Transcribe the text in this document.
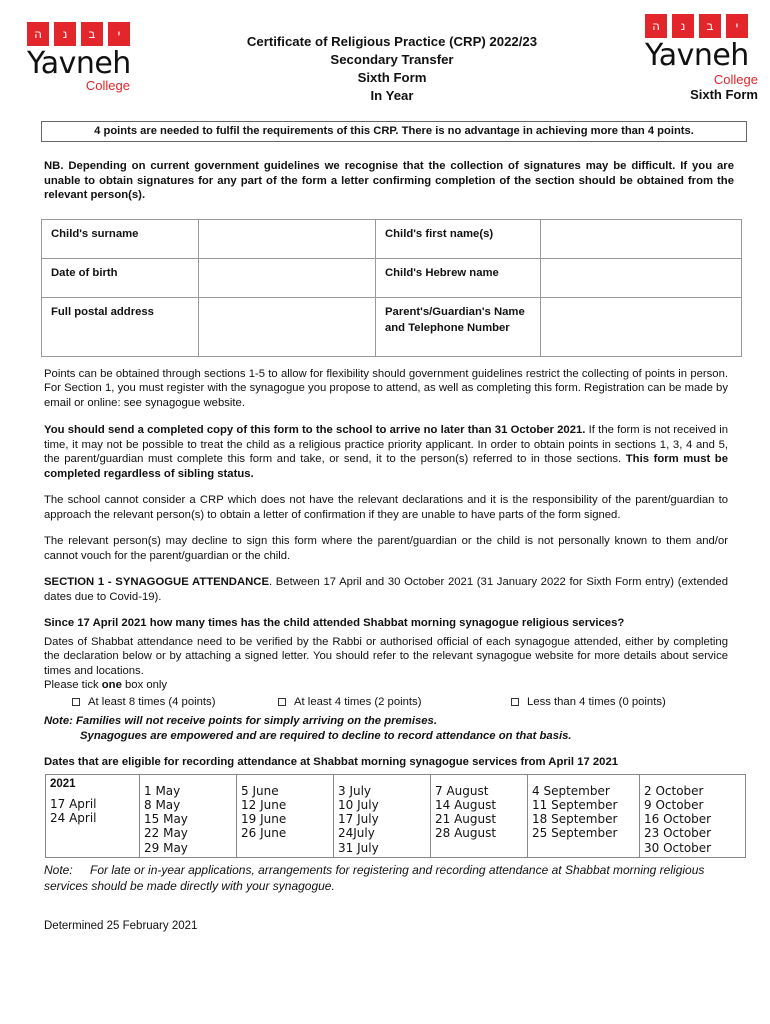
ה נ ב י
Yavneh
College
Certificate of Religious Practice (CRP) 2022/23
Secondary Transfer
Sixth Form
In Year
ה נ ב י
Yavneh
College
Sixth Form
4 points are needed to fulfil the requirements of this CRP. There is no advantage in achieving more than 4 points.
NB. Depending on current government guidelines we recognise that the collection of signatures may be difficult. If you are unable to obtain signatures for any part of the form a letter confirming completion of the section should be obtained from the relevant person(s).
Child's surname		Child's first name(s)	
Date of birth		Child's Hebrew name	
Full postal address		Parent's/Guardian's Name
and Telephone Number	

Points can be obtained through sections 1-5 to allow for flexibility should government guidelines restrict the collecting of points in person. For Section 1, you must register with the synagogue you propose to attend, as well as completing this form. Registration can be made by email or online: see synagogue website.
You should send a completed copy of this form to the school to arrive no later than 31 October 2021. If the form is not received in time, it may not be possible to treat the child as a religious practice priority applicant. In order to obtain points in sections 1, 3, 4 and 5, the parent/guardian must complete this form and take, or send, it to the person(s) referred to in those sections. This form must be completed regardless of sibling status.
The school cannot consider a CRP which does not have the relevant declarations and it is the responsibility of the parent/guardian to approach the relevant person(s) to obtain a letter of confirmation if they are unable to have parts of the form signed.
The relevant person(s) may decline to sign this form where the parent/guardian or the child is not personally known to them and/or cannot vouch for the parent/guardian or the child.
SECTION 1 - SYNAGOGUE ATTENDANCE. Between 17 April and 30 October 2021 (31 January 2022 for Sixth Form entry) (extended dates due to Covid-19).
Since 17 April 2021 how many times has the child attended Shabbat morning synagogue religious services?
Dates of Shabbat attendance need to be verified by the Rabbi or authorised official of each synagogue attended, either by completing the declaration below or by attaching a signed letter. You should refer to the relevant synagogue website for more details about service times and locations.
Please tick one box only
At least 8 times (4 points)	At least 4 times (2 points)	Less than 4 times (0 points)
Note: Families will not receive points for simply arriving on the premises.
Synagogues are empowered and are required to decline to record attendance on that basis.
Dates that are eligible for recording attendance at Shabbat morning synagogue services from April 17 2021
2021
17 April
24 April

1 May
8 May
15 May
22 May
29 May

5 June
12 June
19 June
26 June

3 July
10 July
17 July
24July
31 July

7 August
14 August
21 August
28 August

4 September
11 September
18 September
25 September

2 October
9 October
16 October
23 October
30 October
Note: For late or in-year applications, arrangements for registering and recording attendance at Shabbat morning religious services should be made directly with your synagogue.
Determined 25 February 2021
